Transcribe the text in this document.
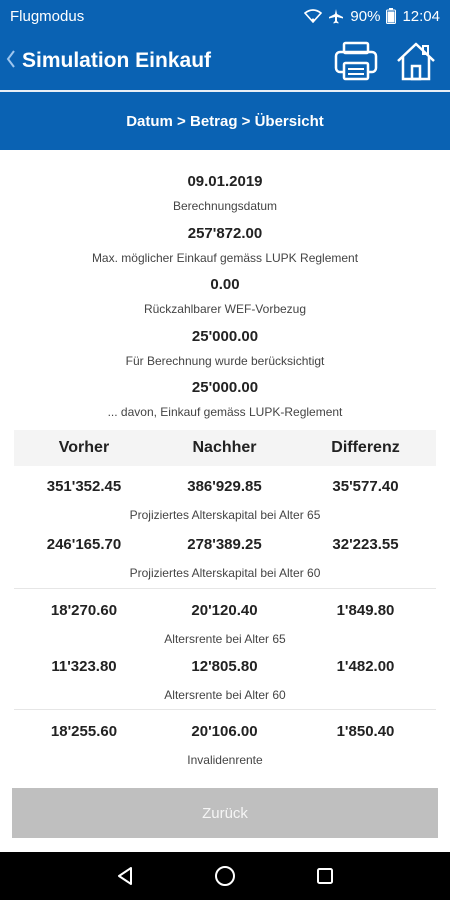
Flugmodus	90% 12:04
Simulation Einkauf
Datum > Betrag > Übersicht
09.01.2019
Berechnungsdatum
257'872.00
Max. möglicher Einkauf gemäss LUPK Reglement
0.00
Rückzahlbarer WEF-Vorbezug
25'000.00
Für Berechnung wurde berücksichtigt
25'000.00
... davon, Einkauf gemäss LUPK-Reglement
Vorher	Nachher	Differenz
351'352.45	386'929.85	35'577.40
Projiziertes Alterskapital bei Alter 65
246'165.70	278'389.25	32'223.55
Projiziertes Alterskapital bei Alter 60
18'270.60	20'120.40	1'849.80
Altersrente bei Alter 65
11'323.80	12'805.80	1'482.00
Altersrente bei Alter 60
18'255.60	20'106.00	1'850.40
Invalidenrente
Zurück
